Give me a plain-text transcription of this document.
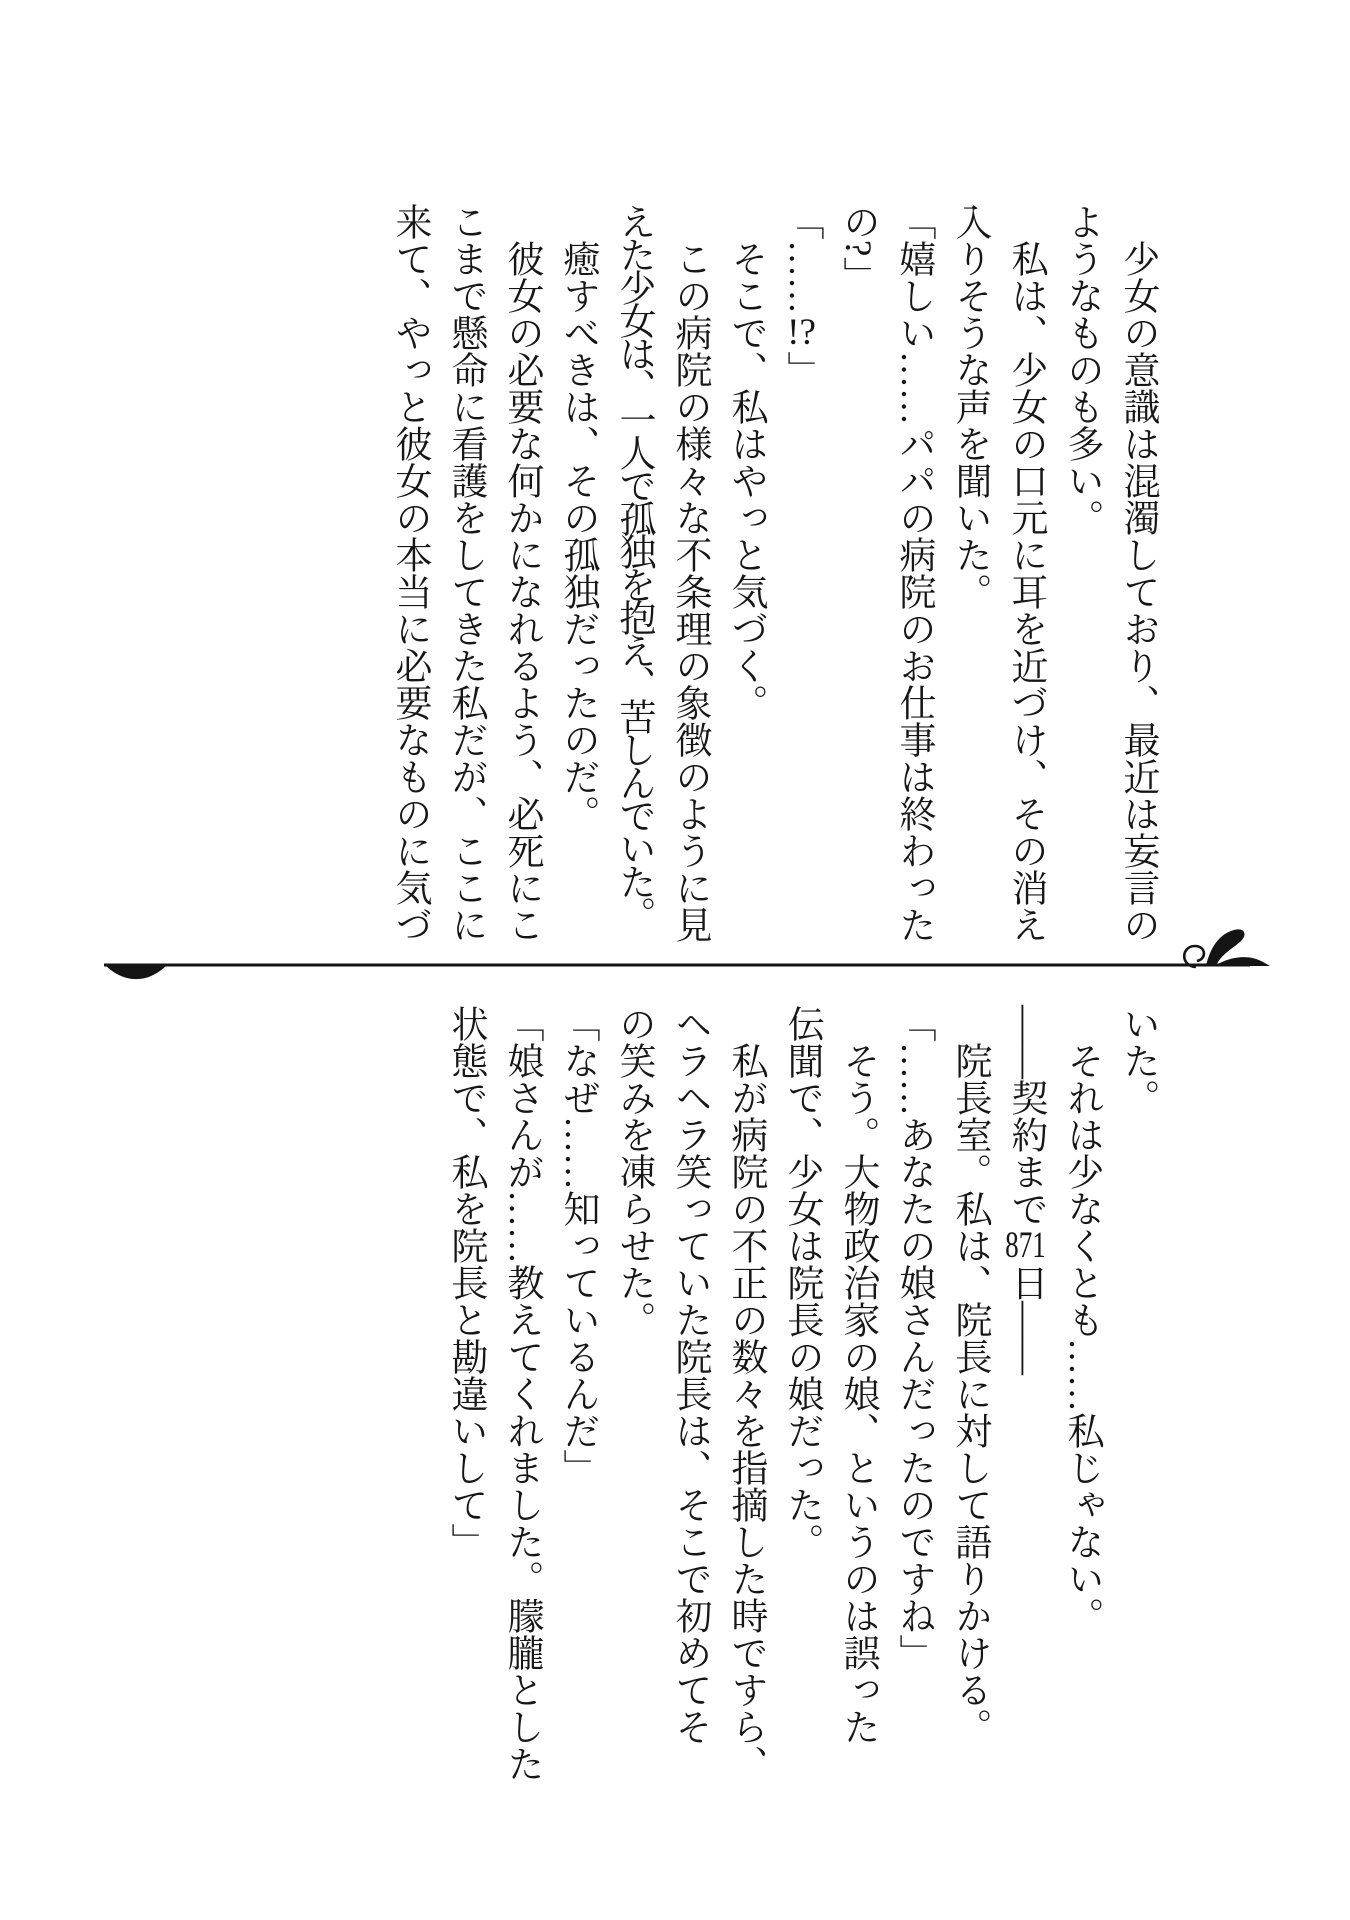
少女の意識は混濁しており、最近は妄言の

ようなものも多い。

私は、少女の口元に耳を近づけ、その消え

入りそうな声を聞いた。

「嬉しい……パパの病院のお仕事は終わった

の?」

「……!?」

そこで、私はやっと気づく。

この病院の様々な不条理の象徴のように見

えた少女は、一人で孤独を抱え、苦しんでいた。

癒すべきは、その孤独だったのだ。

彼女の必要な何かになれるよう、必死にこ

こまで懸命に看護をしてきた私だが、ここに

来て、やっと彼女の本当に必要なものに気づ

いた。

それは少なくとも……私じゃない。

——契約まで871日——

院長室。私は、院長に対して語りかける。

「……あなたの娘さんだったのですね」

そう。大物政治家の娘、というのは誤った

伝聞で、少女は院長の娘だった。

私が病院の不正の数々を指摘した時ですら、

ヘラヘラ笑っていた院長は、そこで初めてそ

の笑みを凍らせた。

「なぜ……知っているんだ」

「娘さんが……教えてくれました。朦朧とした

状態で、私を院長と勘違いして」
